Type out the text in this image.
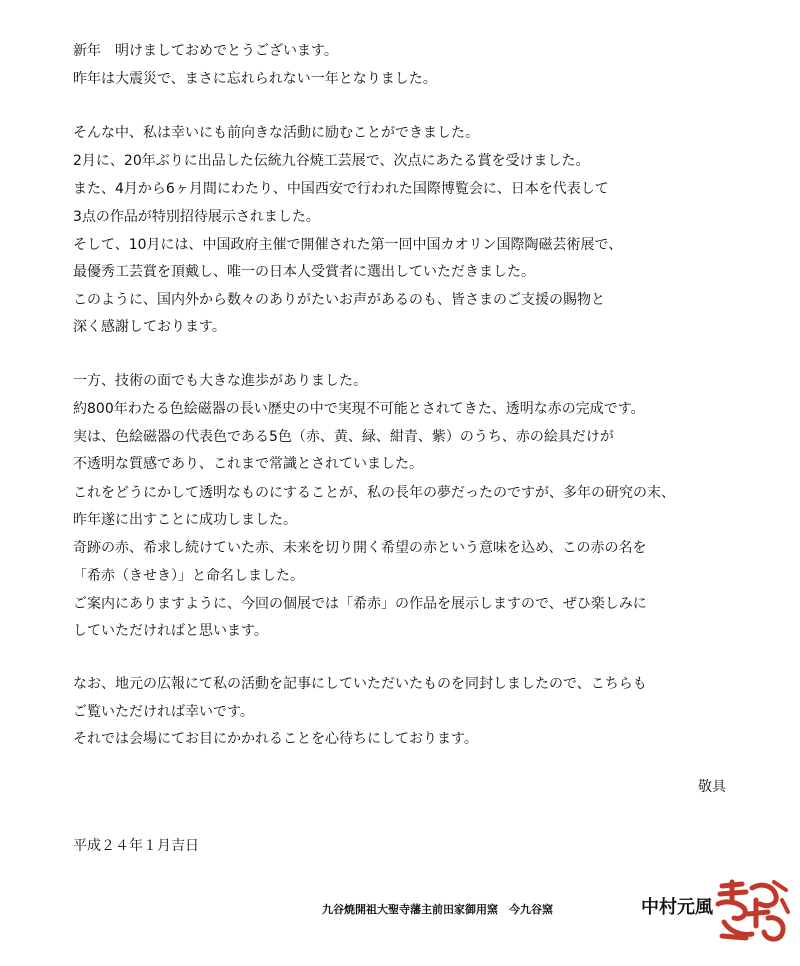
新年　明けましておめでとうございます。
昨年は大震災で、まさに忘れられない一年となりました。
そんな中、私は幸いにも前向きな活動に励むことができました。
2月に、20年ぶりに出品した伝統九谷焼工芸展で、次点にあたる賞を受けました。
また、4月から6ヶ月間にわたり、中国西安で行われた国際博覧会に、日本を代表して
3点の作品が特別招待展示されました。
そして、10月には、中国政府主催で開催された第一回中国カオリン国際陶磁芸術展で、
最優秀工芸賞を頂戴し、唯一の日本人受賞者に選出していただきました。
このように、国内外から数々のありがたいお声があるのも、皆さまのご支援の賜物と
深く感謝しております。
一方、技術の面でも大きな進歩がありました。
約800年わたる色絵磁器の長い歴史の中で実現不可能とされてきた、透明な赤の完成です。
実は、色絵磁器の代表色である5色（赤、黄、緑、紺青、紫）のうち、赤の絵具だけが
不透明な質感であり、これまで常識とされていました。
これをどうにかして透明なものにすることが、私の長年の夢だったのですが、多年の研究の末、
昨年遂に出すことに成功しました。
奇跡の赤、希求し続けていた赤、未来を切り開く希望の赤という意味を込め、この赤の名を
「希赤（きせき）」と命名しました。
ご案内にありますように、今回の個展では「希赤」の作品を展示しますので、ぜひ楽しみに
していただければと思います。
なお、地元の広報にて私の活動を記事にしていただいたものを同封しましたので、こちらも
ご覧いただければ幸いです。
それでは会場にてお目にかかれることを心待ちにしております。
敬具
平成２４年１月吉日
九谷焼開祖大聖寺藩主前田家御用窯　今九谷窯	中村元風
